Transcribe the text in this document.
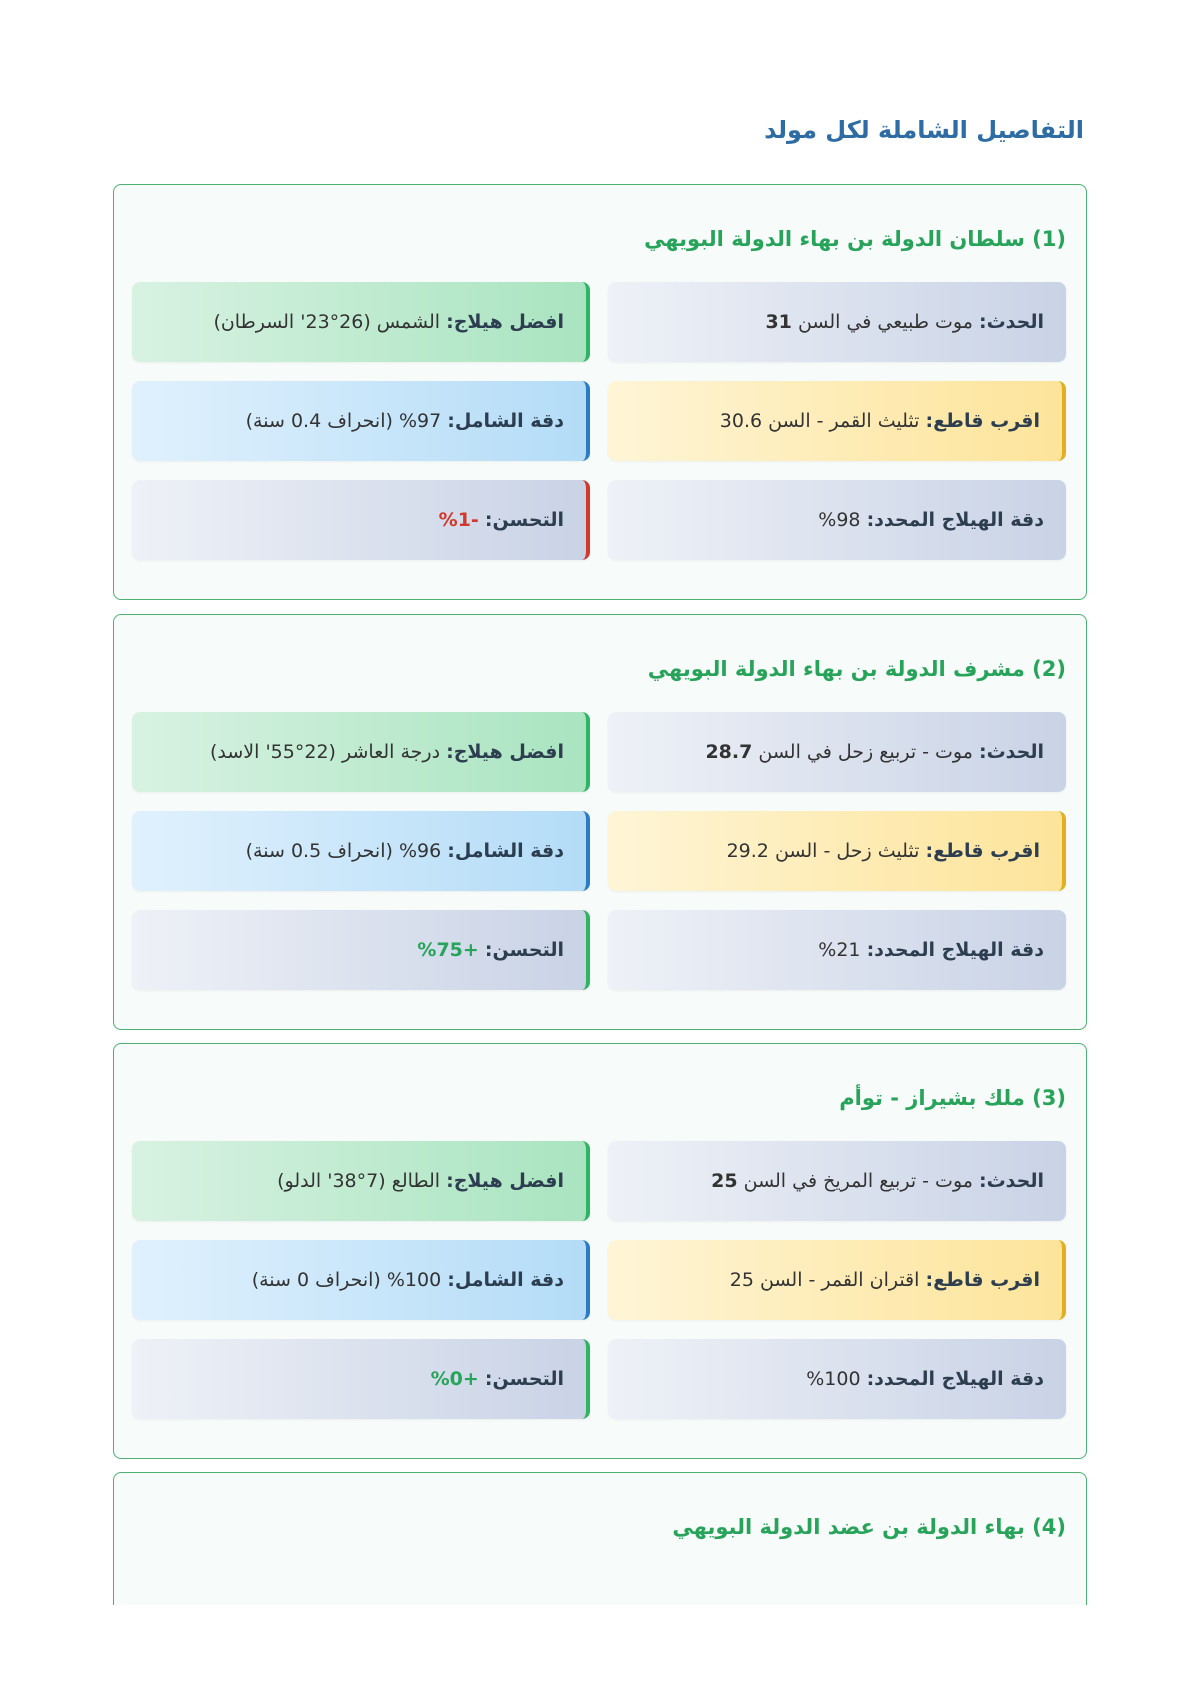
التفاصيل الشاملة لكل مولد
(1) سلطان الدولة بن بهاء الدولة البويهي
الحدث: موت طبيعي في السن 31
افضل هيلاج: الشمس (26°23' السرطان)
اقرب قاطع: تثليث القمر - السن 30.6
دقة الشامل: 97% (انحراف 0.4 سنة)
دقة الهيلاج المحدد: 98%
التحسن: -1%
(2) مشرف الدولة بن بهاء الدولة البويهي
الحدث: موت - تربيع زحل في السن 28.7
افضل هيلاج: درجة العاشر (22°55' الاسد)
اقرب قاطع: تثليث زحل - السن 29.2
دقة الشامل: 96% (انحراف 0.5 سنة)
دقة الهيلاج المحدد: 21%
التحسن: +75%
(3) ملك بشيراز - توأم
الحدث: موت - تربيع المريخ في السن 25
افضل هيلاج: الطالع (7°38' الدلو)
اقرب قاطع: اقتران القمر - السن 25
دقة الشامل: 100% (انحراف 0 سنة)
دقة الهيلاج المحدد: 100%
التحسن: +0%
(4) بهاء الدولة بن عضد الدولة البويهي
